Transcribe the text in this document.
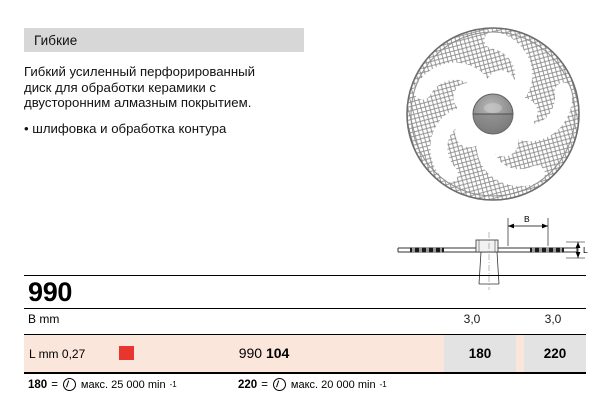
Гибкие
Гибкий усиленный перфорированный
диск для обработки керамики с
двусторонним алмазным покрытием.
• шлифовка и обработка контура
B
L
990
B mm	3,0	3,0
L mm 0,27	990 104	180	220
180 = макс. 25 000 min -1	220 = макс. 20 000 min -1
